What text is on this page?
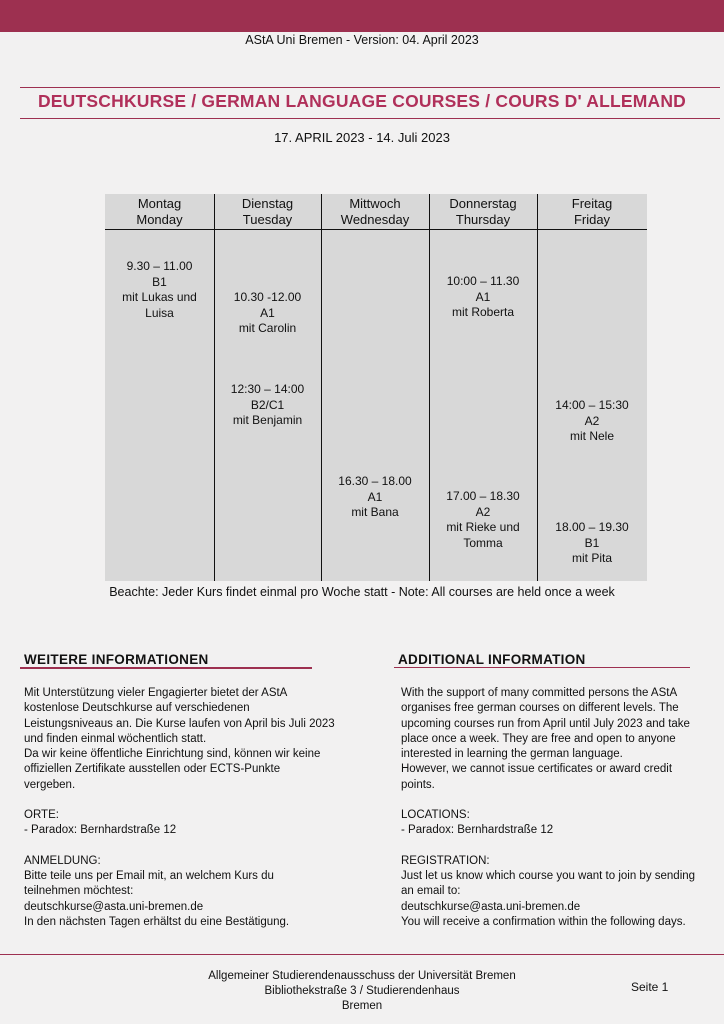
AStA Uni Bremen - Version: 04. April 2023
DEUTSCHKURSE / GERMAN LANGUAGE COURSES / COURS D' ALLEMAND
17. APRIL 2023 - 14. Juli 2023
Montag
Monday
Dienstag
Tuesday
Mittwoch
Wednesday
Donnerstag
Thursday
Freitag
Friday
9.30 – 11.00
B1
mit Lukas und
Luisa
10.30 -12.00
A1
mit Carolin
12:30 – 14:00
B2/C1
mit Benjamin
16.30 – 18.00
A1
mit Bana
10:00 – 11.30
A1
mit Roberta
17.00 – 18.30
A2
mit Rieke und
Tomma
14:00 – 15:30
A2
mit Nele
18.00 – 19.30
B1
mit Pita
Beachte: Jeder Kurs findet einmal pro Woche statt - Note: All courses are held once a week
WEITERE INFORMATIONEN

Mit Unterstützung vieler Engagierter bietet der AStA

kostenlose Deutschkurse auf verschiedenen

Leistungsniveaus an. Die Kurse laufen von April bis Juli 2023

und finden einmal wöchentlich statt.

Da wir keine öffentliche Einrichtung sind, können wir keine

offiziellen Zertifikate ausstellen oder ECTS-Punkte

vergeben.

ORTE:

- Paradox: Bernhardstraße 12

ANMELDUNG:

Bitte teile uns per Email mit, an welchem Kurs du

teilnehmen möchtest:

deutschkurse@asta.uni-bremen.de

In den nächsten Tagen erhältst du eine Bestätigung.

ADDITIONAL INFORMATION

With the support of many committed persons the AStA

organises free german courses on different levels. The

upcoming courses run from April until July 2023 and take

place once a week. They are free and open to anyone

interested in learning the german language.

However, we cannot issue certificates or award credit

points.

LOCATIONS:

- Paradox: Bernhardstraße 12

REGISTRATION:

Just let us know which course you want to join by sending

an email to:

deutschkurse@asta.uni-bremen.de

You will receive a confirmation within the following days.

Allgemeiner Studierendenausschuss der Universität Bremen
Bibliothekstraße 3 / Studierendenhaus
Bremen
Seite 1
